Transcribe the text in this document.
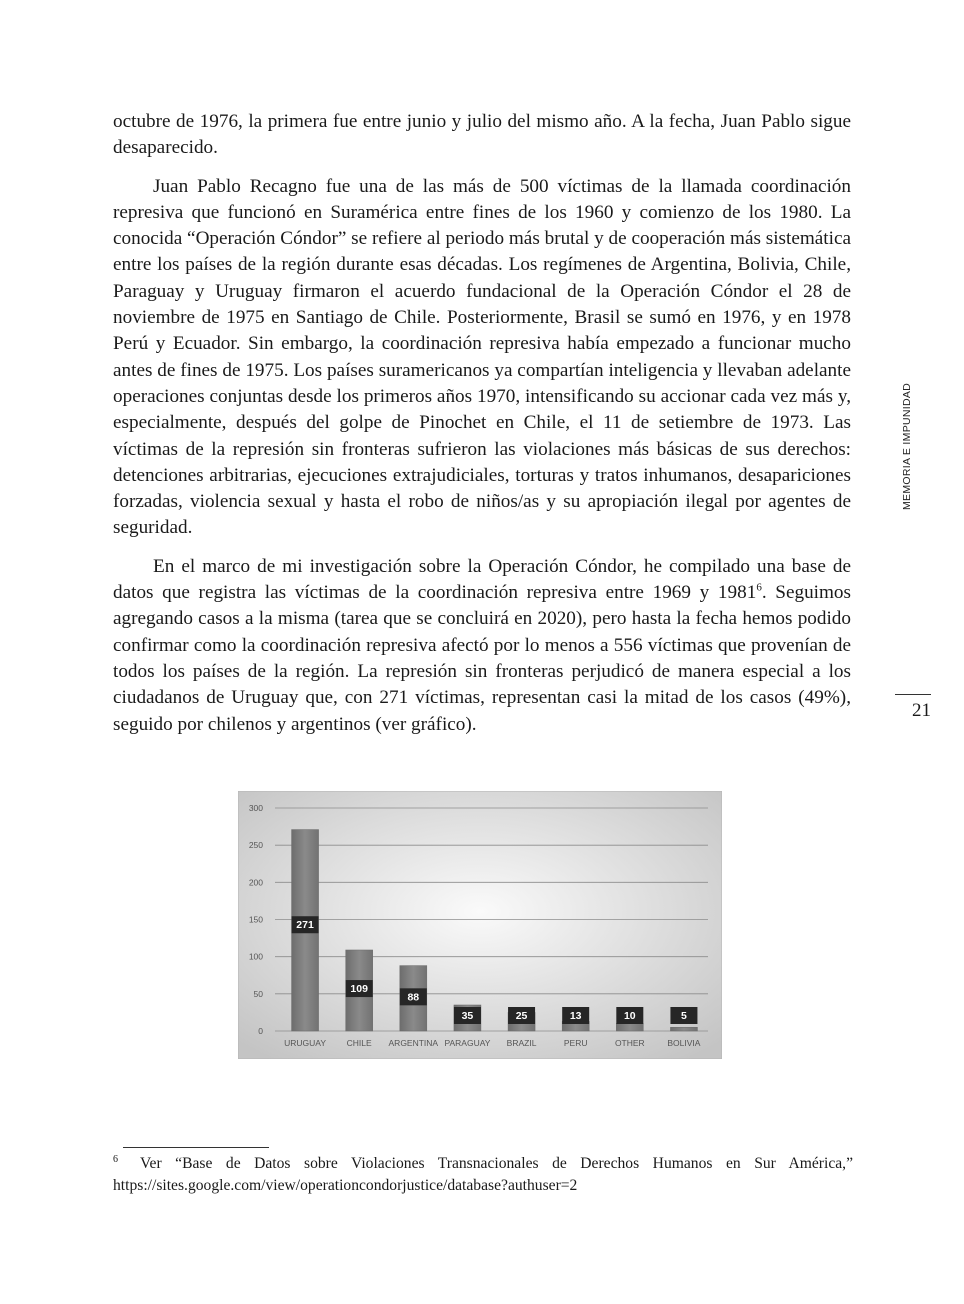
octubre de 1976, la primera fue entre junio y julio del mismo año. A la fecha, Juan Pablo sigue desaparecido.

Juan Pablo Recagno fue una de las más de 500 víctimas de la llamada coordinación represiva que funcionó en Suramérica entre fines de los 1960 y comienzo de los 1980. La conocida “Operación Cóndor” se refiere al periodo más brutal y de cooperación más sistemática entre los países de la región durante esas décadas. Los regímenes de Argentina, Bolivia, Chile, Paraguay y Uruguay firmaron el acuerdo fundacional de la Operación Cóndor el 28 de noviembre de 1975 en Santiago de Chile. Posteriormente, Brasil se sumó en 1976, y en 1978 Perú y Ecuador. Sin embargo, la coordinación represiva había empezado a funcionar mucho antes de fines de 1975. Los países suramericanos ya compartían inteligencia y llevaban adelante operaciones conjuntas desde los primeros años 1970, intensificando su accionar cada vez más y, especialmente, después del golpe de Pinochet en Chile, el 11 de setiembre de 1973. Las víctimas de la represión sin fronteras sufrieron las violaciones más básicas de sus derechos: detenciones arbitrarias, ejecuciones extrajudiciales, torturas y tratos inhumanos, desapariciones forzadas, violencia sexual y hasta el robo de niños/as y su apropiación ilegal por agentes de seguridad.

En el marco de mi investigación sobre la Operación Cóndor, he compilado una base de datos que registra las víctimas de la coordinación represiva entre 1969 y 1981$^6$. Seguimos agregando casos a la misma (tarea que se concluirá en 2020), pero hasta la fecha hemos podido confirmar como la coordinación represiva afectó por lo menos a 556 víctimas que provenían de todos los países de la región. La represión sin fronteras perjudicó de manera especial a los ciudadanos de Uruguay que, con 271 víctimas, representan casi la mitad de los casos (49%), seguido por chilenos y argentinos (ver gráfico).

MEMORIA E IMPUNIDAD
21
0
50
100
150
200
250
300
271
109
88
35	25	13	10	5
URUGUAY CHILE ARGENTINA PARAGUAY BRAZIL	PERU	OTHER	BOLIVIA
$^6$ Ver “Base de Datos sobre Violaciones Transnacionales de Derechos Humanos en Sur América,” https://sites.google.com/view/operationcondorjustice/database?authuser=2
